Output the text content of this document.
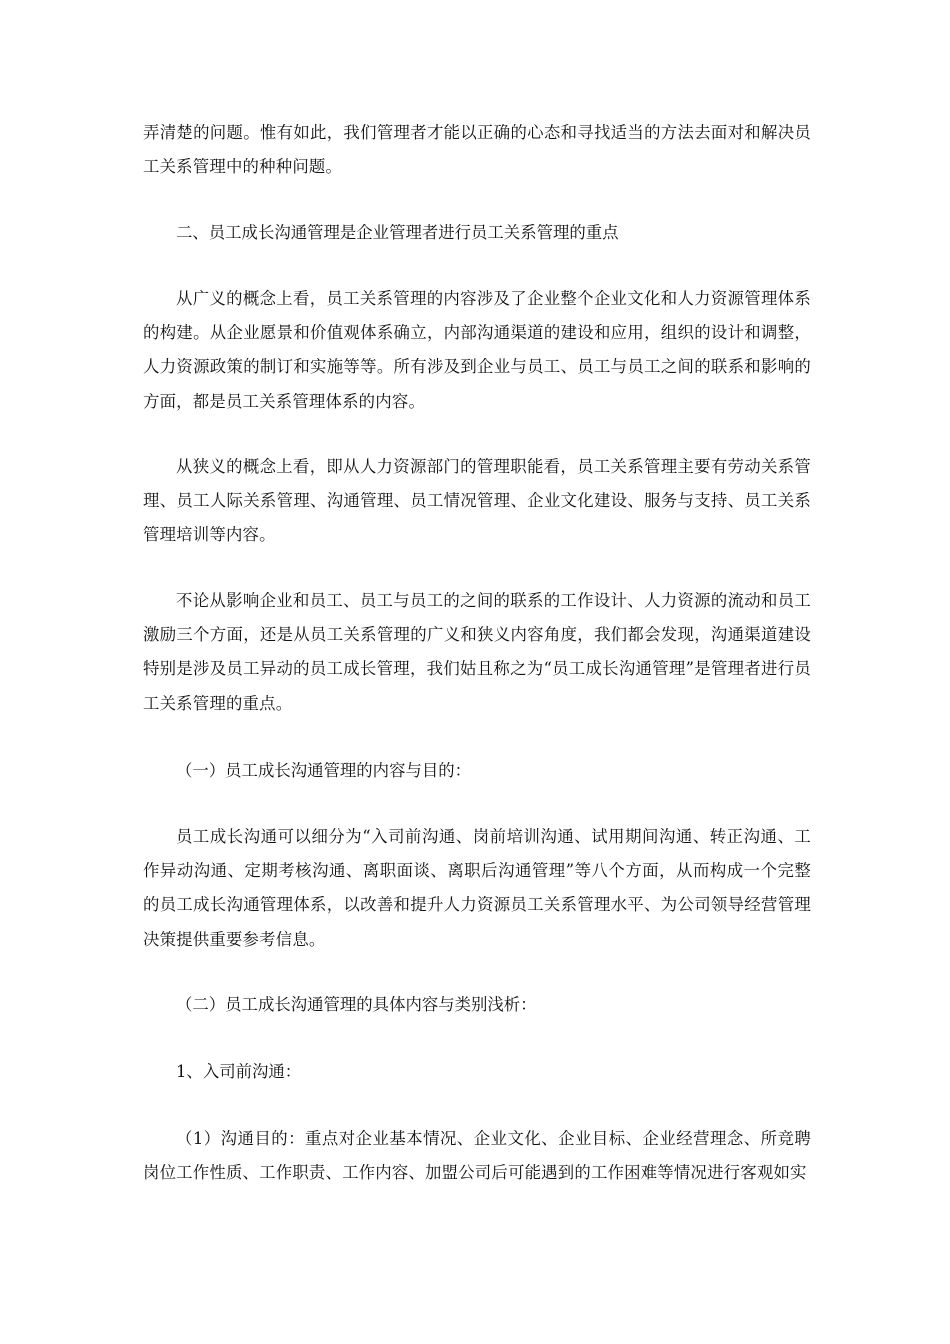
弄清楚的问题。惟有如此，我们管理者才能以正确的心态和寻找适当的方法去面对和解决员工关系管理中的种种问题。

二、员工成长沟通管理是企业管理者进行员工关系管理的重点

从广义的概念上看，员工关系管理的内容涉及了企业整个企业文化和人力资源管理体系的构建。从企业愿景和价值观体系确立，内部沟通渠道的建设和应用，组织的设计和调整，人力资源政策的制订和实施等等。所有涉及到企业与员工、员工与员工之间的联系和影响的方面，都是员工关系管理体系的内容。

从狭义的概念上看，即从人力资源部门的管理职能看，员工关系管理主要有劳动关系管理、员工人际关系管理、沟通管理、员工情况管理、企业文化建设、服务与支持、员工关系管理培训等内容。

不论从影响企业和员工、员工与员工的之间的联系的工作设计、人力资源的流动和员工激励三个方面，还是从员工关系管理的广义和狭义内容角度，我们都会发现，沟通渠道建设特别是涉及员工异动的员工成长管理，我们姑且称之为“员工成长沟通管理”是管理者进行员工关系管理的重点。

（一）员工成长沟通管理的内容与目的：

员工成长沟通可以细分为“入司前沟通、岗前培训沟通、试用期间沟通、转正沟通、工作异动沟通、定期考核沟通、离职面谈、离职后沟通管理”等八个方面，从而构成一个完整的员工成长沟通管理体系，以改善和提升人力资源员工关系管理水平、为公司领导经营管理决策提供重要参考信息。

（二）员工成长沟通管理的具体内容与类别浅析：

1、入司前沟通：

（1）沟通目的：重点对企业基本情况、企业文化、企业目标、企业经营理念、所竞聘岗位工作性质、工作职责、工作内容、加盟公司后可能遇到的工作困难等情况进行客观如实
